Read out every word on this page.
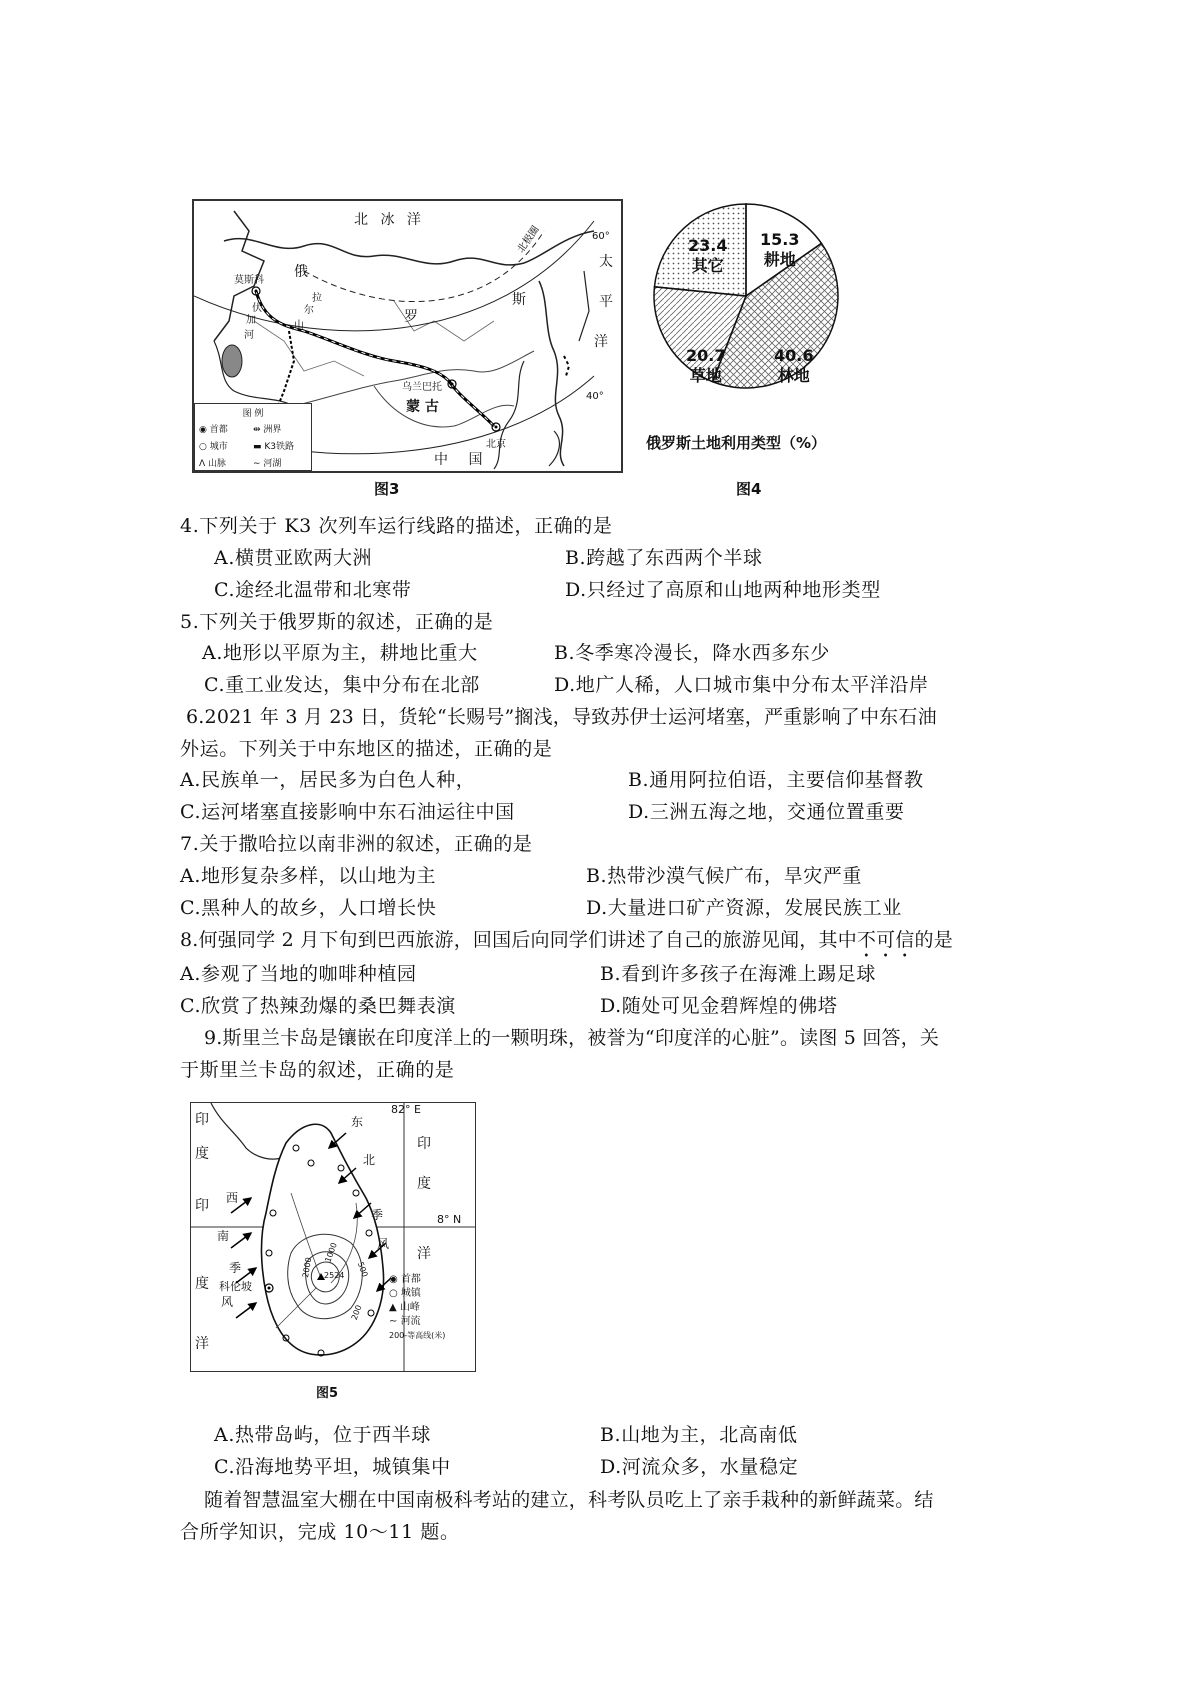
北 冰 洋
北极圈	60°
40°
太
平
洋
俄
罗
斯
莫斯科
拉
尔
山
伏
加
河
乌兰巴托
蒙 古
中 国
北京
图 例
◉ 首都	⇹ 洲界
○ 城市	▬ K3铁路
ᐱ 山脉	∼ 河湖
图3
15.3
耕地
40.6
林地
20.7
草地
23.4
其它
俄罗斯土地利用类型（%）
图4
4.下列关于 K3 次列车运行线路的描述，正确的是
A.横贯亚欧两大洲	B.跨越了东西两个半球
C.途经北温带和北寒带	D.只经过了高原和山地两种地形类型
5.下列关于俄罗斯的叙述，正确的是
A.地形以平原为主，耕地比重大	B.冬季寒冷漫长，降水西多东少
C.重工业发达，集中分布在北部	D.地广人稀，人口城市集中分布太平洋沿岸
6.2021 年 3 月 23 日，货轮“长赐号”搁浅，导致苏伊士运河堵塞，严重影响了中东石油
外运。下列关于中东地区的描述，正确的是
A.民族单一，居民多为白色人种，	B.通用阿拉伯语，主要信仰基督教
C.运河堵塞直接影响中东石油运往中国	D.三洲五海之地，交通位置重要
7.关于撒哈拉以南非洲的叙述，正确的是
A.地形复杂多样，以山地为主	B.热带沙漠气候广布，旱灾严重
C.黑种人的故乡，人口增长快	D.大量进口矿产资源，发展民族工业
8.何强同学 2 月下旬到巴西旅游，回国后向同学们讲述了自己的旅游见闻，其中不可信的是
A.参观了当地的咖啡种植园	B.看到许多孩子在海滩上踢足球
C.欣赏了热辣劲爆的桑巴舞表演	D.随处可见金碧辉煌的佛塔
9.斯里兰卡岛是镶嵌在印度洋上的一颗明珠，被誉为“印度洋的心脏”。读图 5 回答，关
于斯里兰卡岛的叙述，正确的是
82° E
8° N
印
度
印
度
洋
印
度
洋
东
北
季
风
西
南
季
风
科伦坡
2524
1000
2000	500
200
◉ 首都
○ 城镇
▲ 山峰
∼ 河流
200-等高线(米)
图5
A.热带岛屿，位于西半球	B.山地为主，北高南低
C.沿海地势平坦，城镇集中	D.河流众多，水量稳定
随着智慧温室大棚在中国南极科考站的建立，科考队员吃上了亲手栽种的新鲜蔬菜。结
合所学知识，完成 10～11 题。
